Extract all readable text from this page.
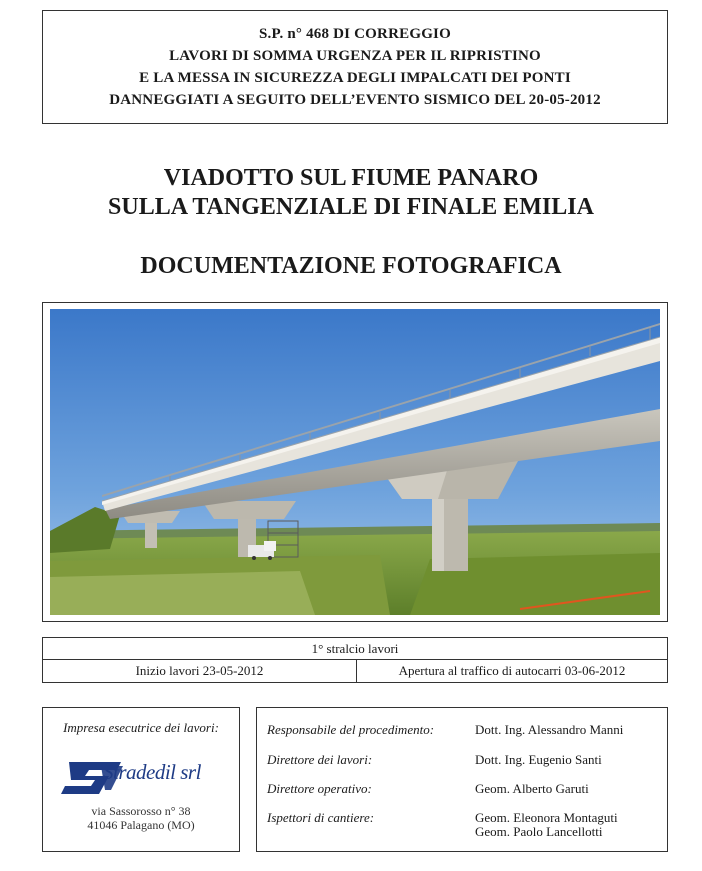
S.P. n° 468 DI CORREGGIO
LAVORI DI SOMMA URGENZA PER IL RIPRISTINO
E LA MESSA IN SICUREZZA DEGLI IMPALCATI DEI PONTI
DANNEGGIATI A SEGUITO DELL’EVENTO SISMICO DEL 20-05-2012
VIADOTTO SUL FIUME PANARO
SULLA TANGENZIALE DI FINALE EMILIA
DOCUMENTAZIONE FOTOGRAFICA
1° stralcio lavori
Inizio lavori 23-05-2012	Apertura al traffico di autocarri 03-06-2012
Impresa esecutrice dei lavori:
Stradedil srl
via Sassorosso n° 38
41046 Palagano (MO)
Responsabile del procedimento:	Dott. Ing. Alessandro Manni
Direttore dei lavori:	Dott. Ing. Eugenio Santi
Direttore operativo:	Geom. Alberto Garuti
Ispettori di cantiere:	Geom. Eleonora Montaguti
Geom. Paolo Lancellotti
